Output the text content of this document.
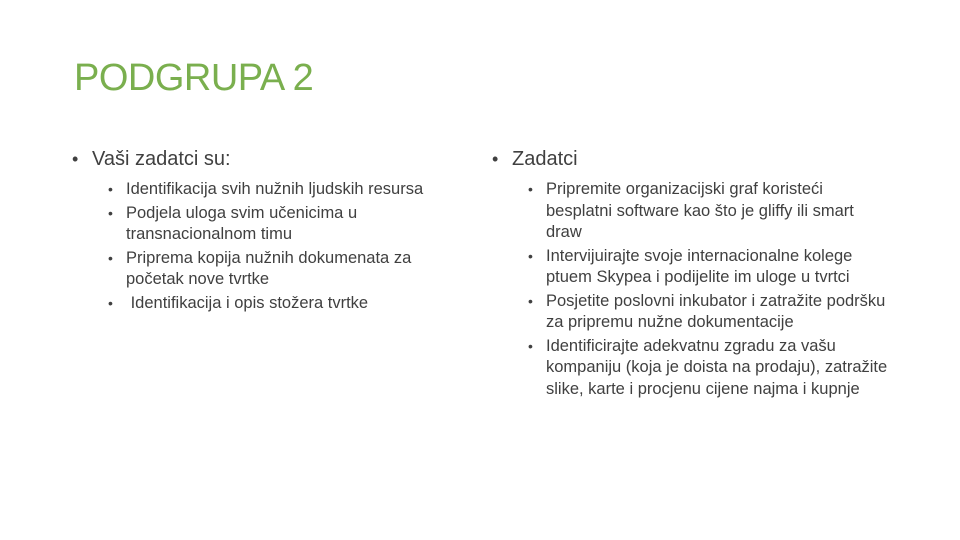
PODGRUPA 2
• Vaši zadatci su:
• Identifikacija svih nužnih ljudskih resursa
• Podjela uloga svim učenicima u transnacionalnom timu
• Priprema kopija nužnih dokumenata za početak nove tvrtke
• Identifikacija i opis stožera tvrtke
• Zadatci
• Pripremite organizacijski graf koristeći besplatni software kao što je gliffy ili smart draw
• Intervijuirajte svoje internacionalne kolege ptuem Skypea i podijelite im uloge u tvrtci
• Posjetite poslovni inkubator i zatražite podršku za pripremu nužne dokumentacije
• Identificirajte adekvatnu zgradu za vašu kompaniju (koja je doista na prodaju), zatražite slike, karte i procjenu cijene najma i kupnje
